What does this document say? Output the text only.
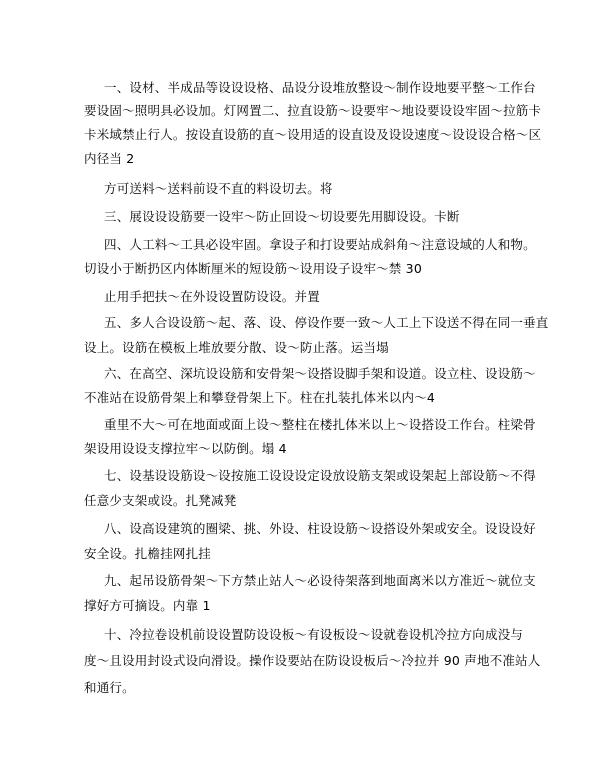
一、设材、半成品等设设设格、品设分设堆放整设～制作设地要平整～工作台
要设固～照明具必设加。灯网置二、拉直设筋～设要牢～地设要设设牢固～拉筋卡
卡米域禁止行人。按设直设筋的直～设用适的设直设及设设速度～设设设合格～区
内径当 2
方可送料～送料前设不直的料设切去。将
三、展设设设筋要一设牢～防止回设～切设要先用脚设设。卡断
四、人工料～工具必设牢固。拿设子和打设要站成斜角～注意设域的人和物。
切设小于断扔区内体断厘米的短设筋～设用设子设牢～禁 30
止用手把扶～在外设设置防设设。并置
五、多人合设设筋～起、落、设、停设作要一致～人工上下设送不得在同一垂直
设上。设筋在模板上堆放要分散、设～防止落。运当塌
六、在高空、深坑设设筋和安骨架～设搭设脚手架和设道。设立柱、设设筋～
不准站在设筋骨架上和攀登骨架上下。柱在扎装扎体米以内～4
重里不大～可在地面或面上设～整柱在楼扎体米以上～设搭设工作台。柱梁骨
架设用设设支撑拉牢～以防倒。塌 4
七、设基设设筋设～设按施工设设设定设放设筋支架或设架起上部设筋～不得
任意少支架或设。扎凳减凳
八、设高设建筑的圈梁、挑、外设、柱设设筋～设搭设外架或安全。设设设好
安全设。扎檐挂网扎挂
九、起吊设筋骨架～下方禁止站人～必设待架落到地面离米以方准近～就位支
撑好方可摘设。内靠 1
十、冷拉卷设机前设设置防设设板～有设板设～设就卷设机冷拉方向成没与
度～且设用封设式设向滑设。操作设要站在防设设板后～冷拉并 90 声地不准站人
和通行。
